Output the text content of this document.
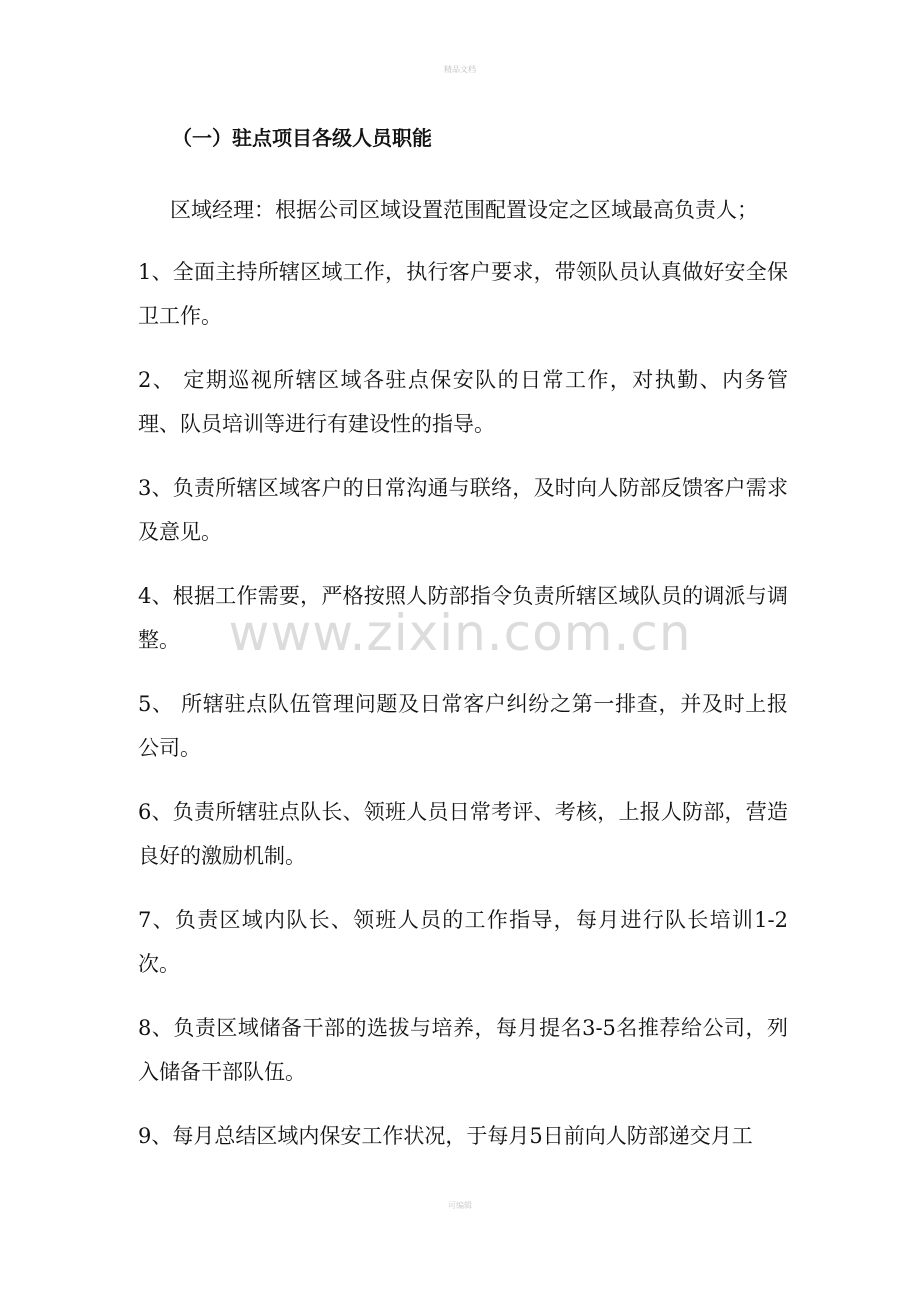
精品文档
www.zixin.com.cn
（一）驻点项目各级人员职能
区域经理：根据公司区域设置范围配置设定之区域最高负责人；
1、全面主持所辖区域工作，执行客户要求，带领队员认真做好安全保卫工作。
2、 定期巡视所辖区域各驻点保安队的日常工作，对执勤、内务管理、队员培训等进行有建设性的指导。
3、负责所辖区域客户的日常沟通与联络，及时向人防部反馈客户需求及意见。
4、根据工作需要，严格按照人防部指令负责所辖区域队员的调派与调整。
5、 所辖驻点队伍管理问题及日常客户纠纷之第一排查，并及时上报公司。
6、负责所辖驻点队长、领班人员日常考评、考核，上报人防部，营造良好的激励机制。
7、负责区域内队长、领班人员的工作指导，每月进行队长培训1-2次。
8、负责区域储备干部的选拔与培养，每月提名3-5名推荐给公司，列入储备干部队伍。
9、每月总结区域内保安工作状况，于每月5日前向人防部递交月工
可编辑
